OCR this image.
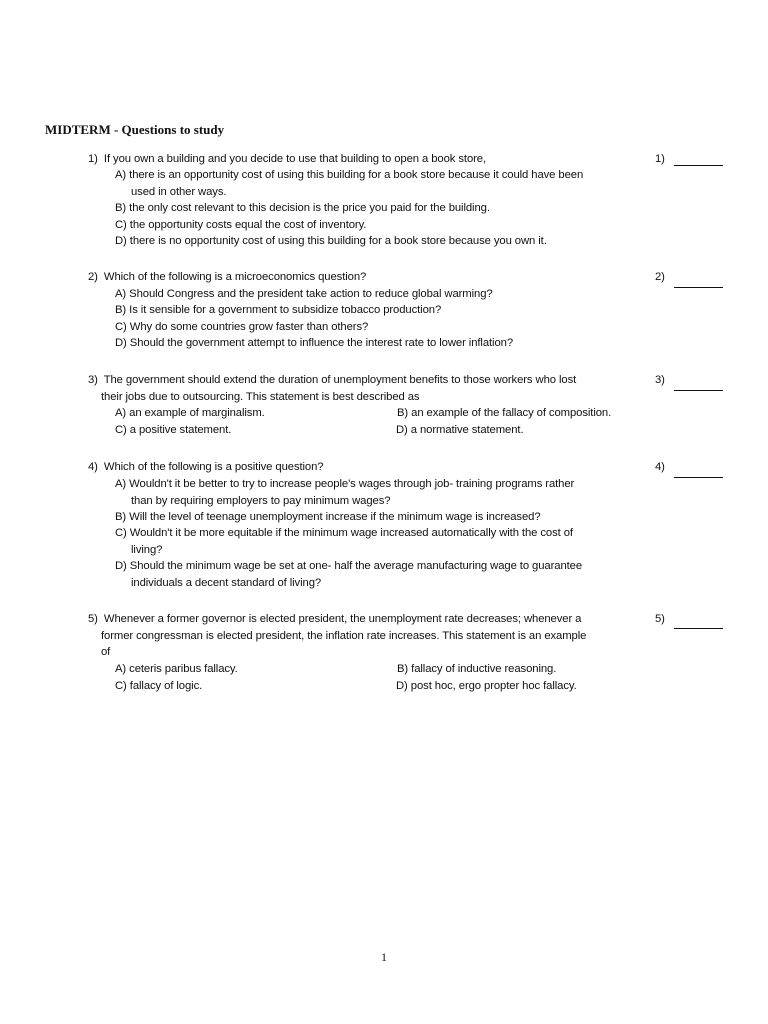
MIDTERM - Questions to study
1) If you own a building and you decide to use that building to open a book store,	1)
A) there is an opportunity cost of using this building for a book store because it could have been
used in other ways.
B) the only cost relevant to this decision is the price you paid for the building.
C) the opportunity costs equal the cost of inventory.
D) there is no opportunity cost of using this building for a book store because you own it.
2) Which of the following is a microeconomics question?	2)
A) Should Congress and the president take action to reduce global warming?
B) Is it sensible for a government to subsidize tobacco production?
C) Why do some countries grow faster than others?
D) Should the government attempt to influence the interest rate to lower inflation?
3) The government should extend the duration of unemployment benefits to those workers who lost
their jobs due to outsourcing. This statement is best described as
3)
A) an example of marginalism.	B) an example of the fallacy of composition.
C) a positive statement.	D) a normative statement.
4) Which of the following is a positive question?	4)
A) Wouldn't it be better to try to increase people's wages through job- training programs rather
than by requiring employers to pay minimum wages?
B) Will the level of teenage unemployment increase if the minimum wage is increased?
C) Wouldn't it be more equitable if the minimum wage increased automatically with the cost of
living?
D) Should the minimum wage be set at one- half the average manufacturing wage to guarantee
individuals a decent standard of living?
5) Whenever a former governor is elected president, the unemployment rate decreases; whenever a
former congressman is elected president, the inflation rate increases. This statement is an example
of
5)
A) ceteris paribus fallacy.	B) fallacy of inductive reasoning.
C) fallacy of logic.	D) post hoc, ergo propter hoc fallacy.
1
